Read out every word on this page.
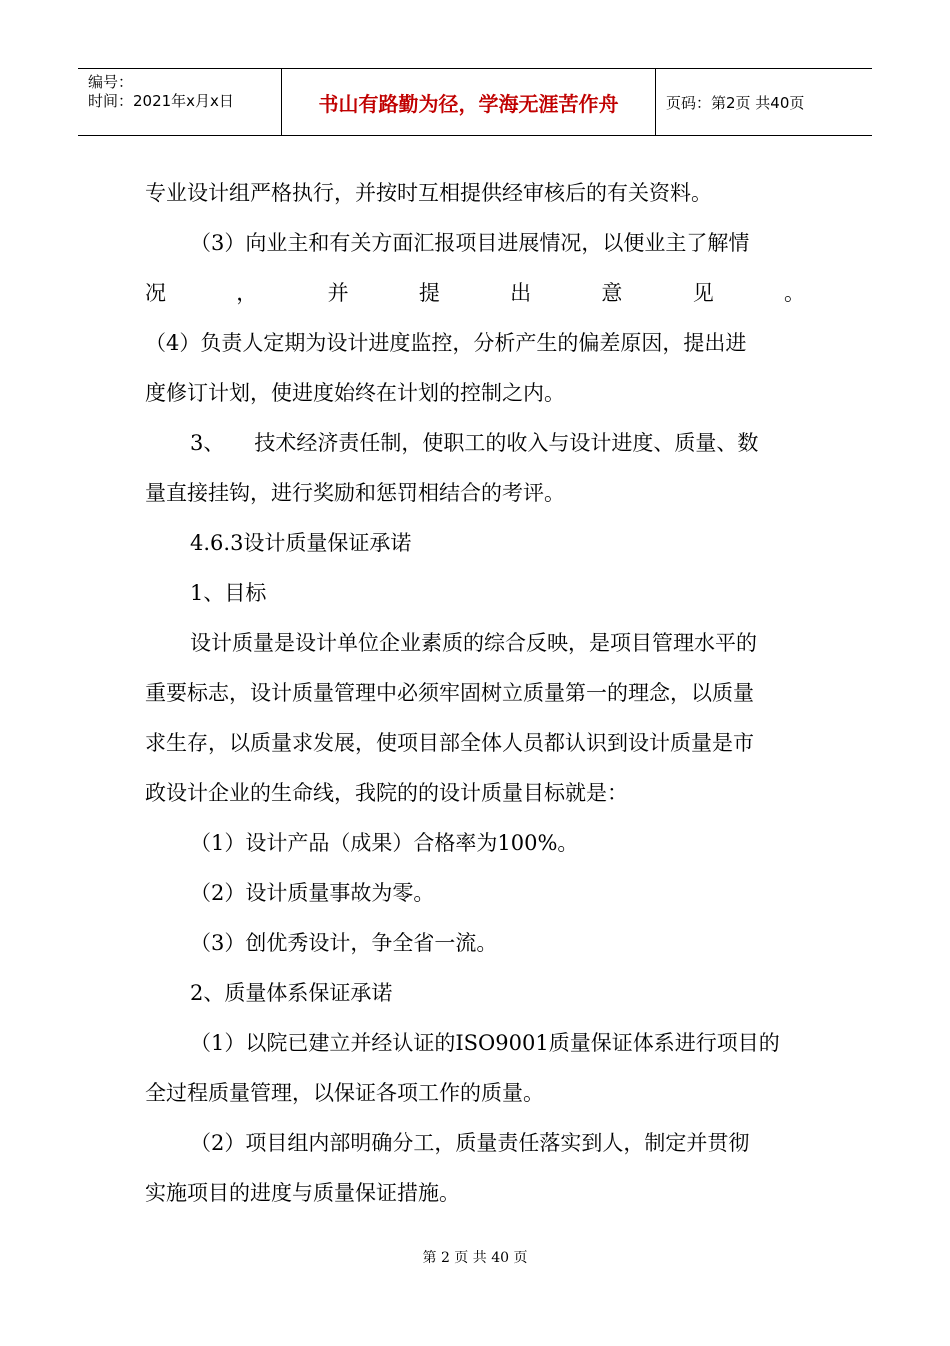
编号：
时间：2021年x月x日	书山有路勤为径，学海无涯苦作舟	页码：第2页 共40页
专业设计组严格执行，并按时互相提供经审核后的有关资料。
（3）向业主和有关方面汇报项目进展情况，以便业主了解情
况	，	并	提	出	意	见	。
（4）负责人定期为设计进度监控，分析产生的偏差原因，提出进
度修订计划，使进度始终在计划的控制之内。
3、 技术经济责任制，使职工的收入与设计进度、质量、数
量直接挂钩，进行奖励和惩罚相结合的考评。
4.6.3设计质量保证承诺
1、目标
设计质量是设计单位企业素质的综合反映，是项目管理水平的
重要标志，设计质量管理中必须牢固树立质量第一的理念，以质量
求生存，以质量求发展，使项目部全体人员都认识到设计质量是市
政设计企业的生命线，我院的的设计质量目标就是：
（1）设计产品（成果）合格率为100%。
（2）设计质量事故为零。
（3）创优秀设计，争全省一流。
2、质量体系保证承诺
（1）以院已建立并经认证的ISO9001质量保证体系进行项目的
全过程质量管理，以保证各项工作的质量。
（2）项目组内部明确分工，质量责任落实到人，制定并贯彻
实施项目的进度与质量保证措施。
第 2 页 共 40 页
